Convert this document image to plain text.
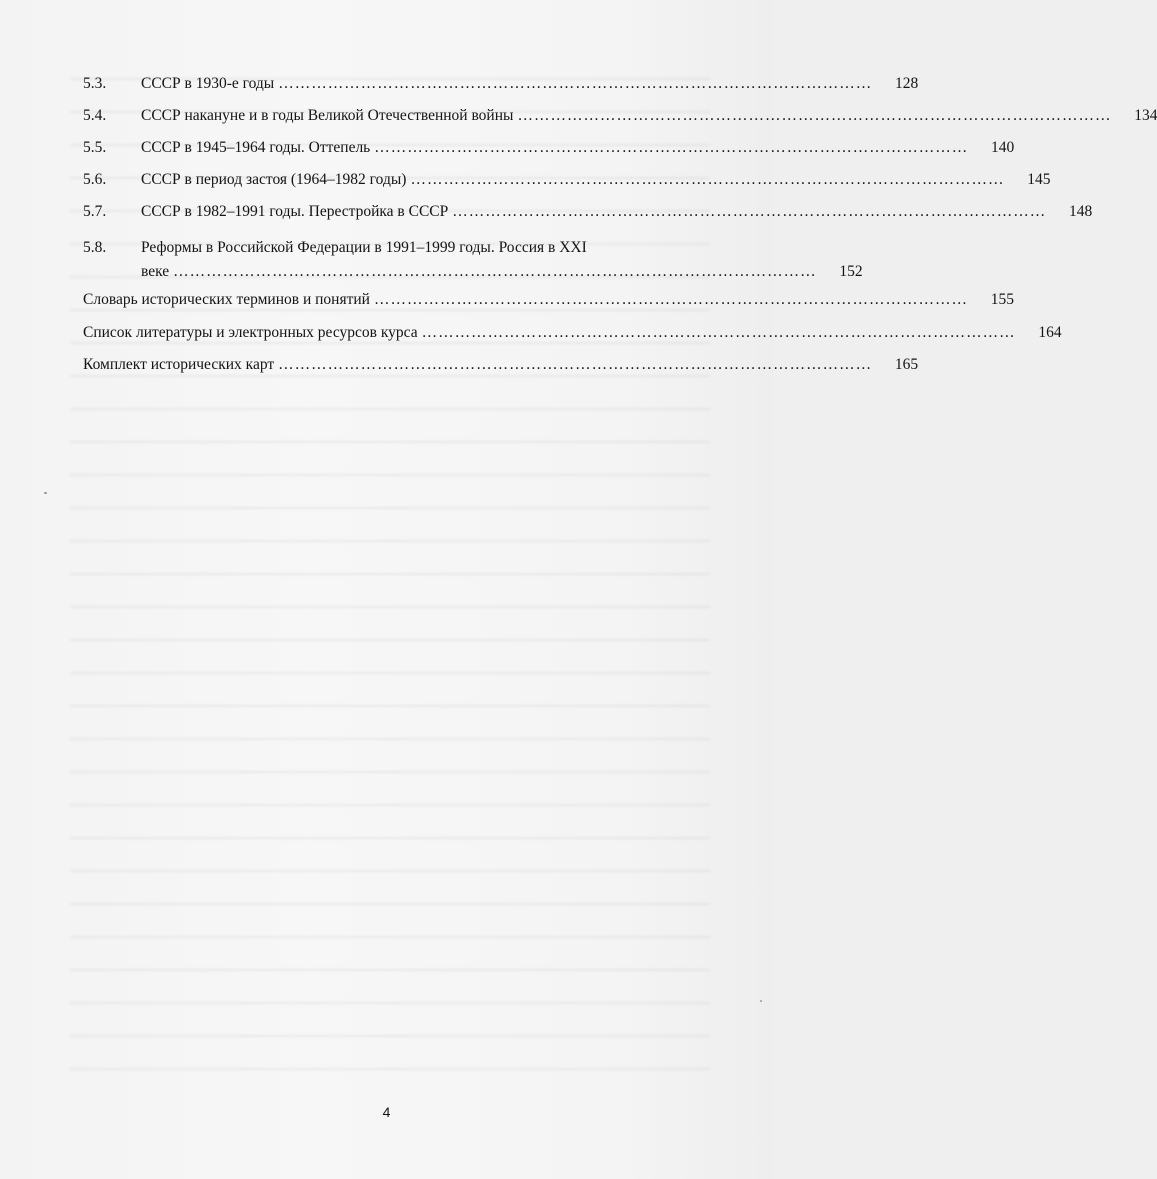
5.3.	СССР в 1930-е годы ………………………………………………………………………………………………	128
5.4.	СССР накануне и в годы Великой Отечественной войны ………………………………………………………………………………………………	134
5.5.	СССР в 1945–1964 годы. Оттепель ………………………………………………………………………………………………	140
5.6.	СССР в период застоя (1964–1982 годы) ………………………………………………………………………………………………	145
5.7.	СССР в 1982–1991 годы. Перестройка в СССР ………………………………………………………………………………………………	148
5.8.	Реформы в Российской Федерации в 1991–1999 годы. Россия в XXI
веке ………………………………………………………………………………………………………	152
Словарь исторических терминов и понятий ………………………………………………………………………………………………	155
Список литературы и электронных ресурсов курса ………………………………………………………………………………………………	164
Комплект исторических карт ………………………………………………………………………………………………	165
4
